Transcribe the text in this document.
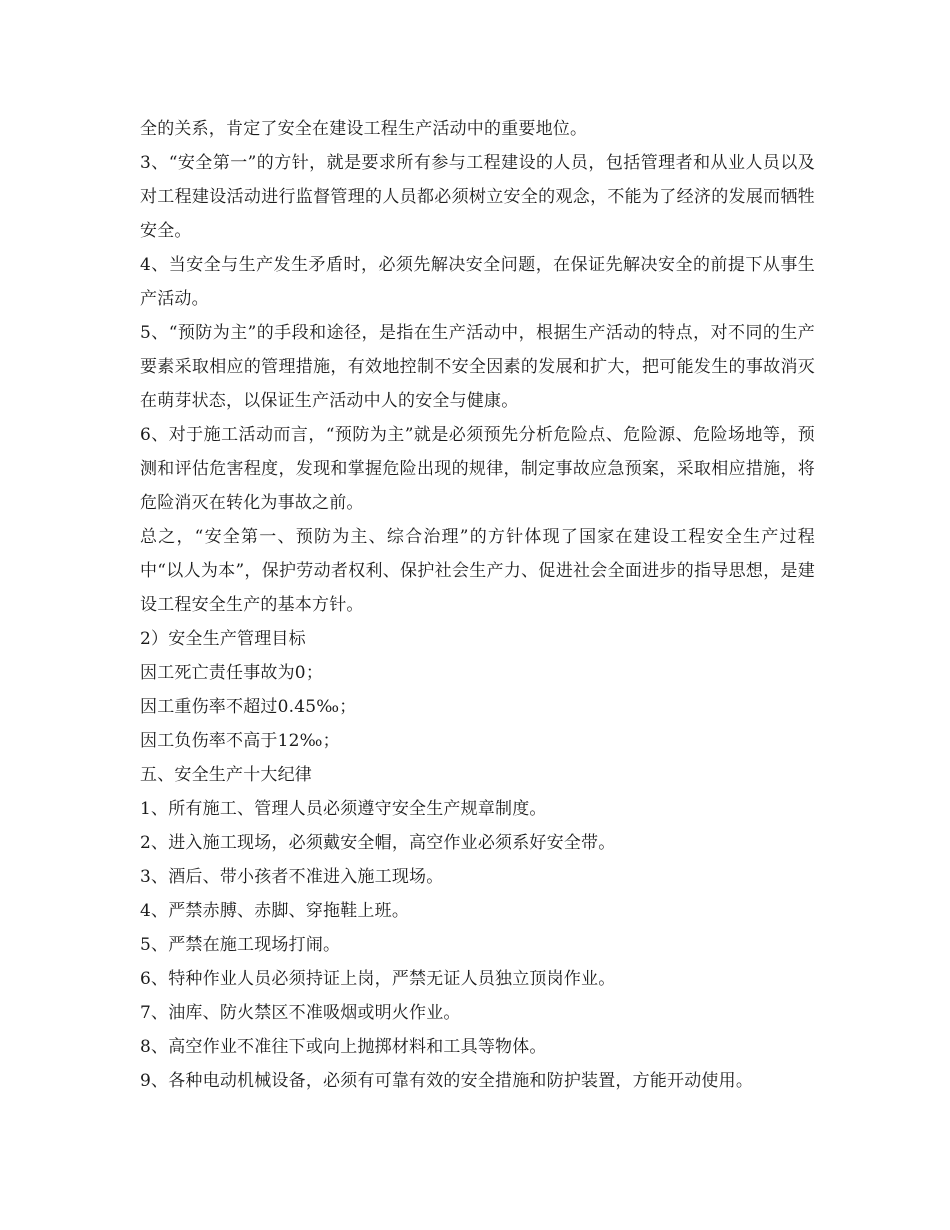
全的关系，肯定了安全在建设工程生产活动中的重要地位。

3、“安全第一”的方针，就是要求所有参与工程建设的人员，包括管理者和从业人员以及对工程建设活动进行监督管理的人员都必须树立安全的观念，不能为了经济的发展而牺牲安全。

4、当安全与生产发生矛盾时，必须先解决安全问题，在保证先解决安全的前提下从事生产活动。

5、“预防为主”的手段和途径，是指在生产活动中，根据生产活动的特点，对不同的生产要素采取相应的管理措施，有效地控制不安全因素的发展和扩大，把可能发生的事故消灭在萌芽状态，以保证生产活动中人的安全与健康。

6、对于施工活动而言，“预防为主”就是必须预先分析危险点、危险源、危险场地等，预测和评估危害程度，发现和掌握危险出现的规律，制定事故应急预案，采取相应措施，将危险消灭在转化为事故之前。

总之，“安全第一、预防为主、综合治理”的方针体现了国家在建设工程安全生产过程中“以人为本”，保护劳动者权利、保护社会生产力、促进社会全面进步的指导思想，是建设工程安全生产的基本方针。

2）安全生产管理目标

因工死亡责任事故为0；

因工重伤率不超过0.45‰；

因工负伤率不高于12‰；

五、安全生产十大纪律

1、所有施工、管理人员必须遵守安全生产规章制度。

2、进入施工现场，必须戴安全帽，高空作业必须系好安全带。

3、酒后、带小孩者不准进入施工现场。

4、严禁赤膊、赤脚、穿拖鞋上班。

5、严禁在施工现场打闹。

6、特种作业人员必须持证上岗，严禁无证人员独立顶岗作业。

7、油库、防火禁区不准吸烟或明火作业。

8、高空作业不准往下或向上抛掷材料和工具等物体。

9、各种电动机械设备，必须有可靠有效的安全措施和防护装置，方能开动使用。
